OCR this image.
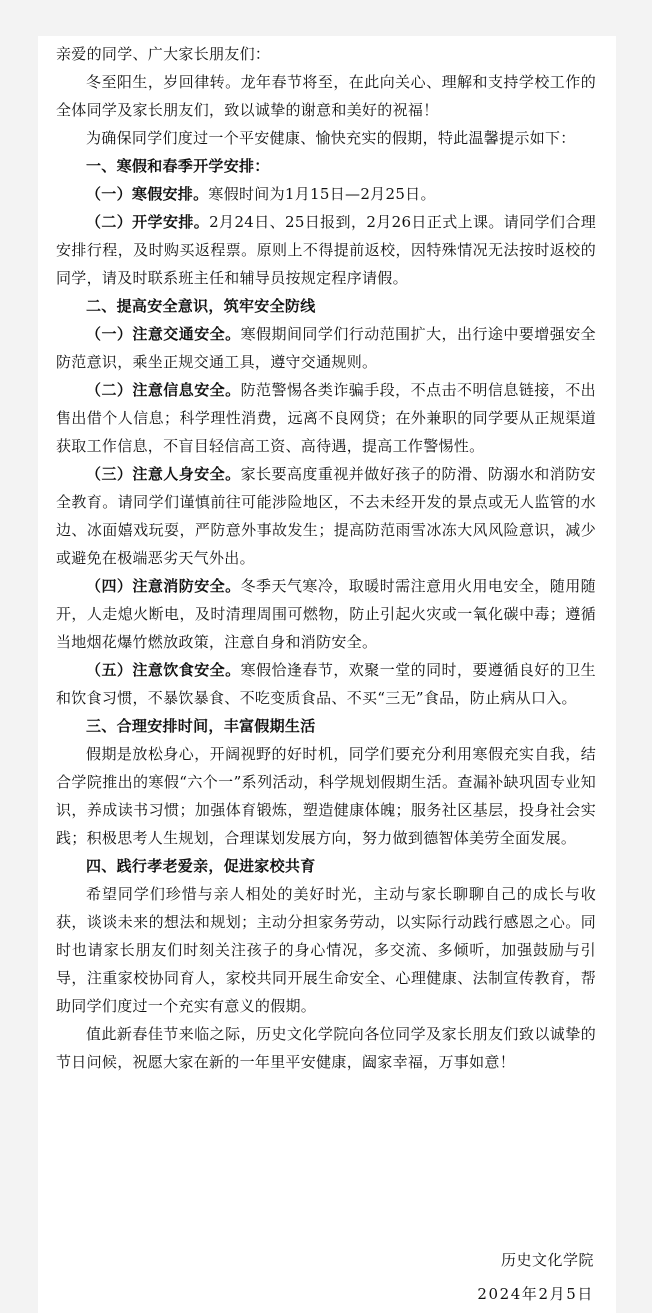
亲爱的同学、广大家长朋友们：

冬至阳生，岁回律转。龙年春节将至，在此向关心、理解和支持学校工作的全体同学及家长朋友们，致以诚挚的谢意和美好的祝福！

为确保同学们度过一个平安健康、愉快充实的假期，特此温馨提示如下：

一、寒假和春季开学安排：

（一）寒假安排。寒假时间为1月15日—2月25日。

（二）开学安排。2月24日、25日报到，2月26日正式上课。请同学们合理安排行程，及时购买返程票。原则上不得提前返校，因特殊情况无法按时返校的同学，请及时联系班主任和辅导员按规定程序请假。

二、提高安全意识，筑牢安全防线

（一）注意交通安全。寒假期间同学们行动范围扩大，出行途中要增强安全防范意识，乘坐正规交通工具，遵守交通规则。

（二）注意信息安全。防范警惕各类诈骗手段，不点击不明信息链接，不出售出借个人信息；科学理性消费，远离不良网贷；在外兼职的同学要从正规渠道获取工作信息，不盲目轻信高工资、高待遇，提高工作警惕性。

（三）注意人身安全。家长要高度重视并做好孩子的防滑、防溺水和消防安全教育。请同学们谨慎前往可能涉险地区，不去未经开发的景点或无人监管的水边、冰面嬉戏玩耍，严防意外事故发生；提高防范雨雪冰冻大风风险意识，减少或避免在极端恶劣天气外出。

（四）注意消防安全。冬季天气寒冷，取暖时需注意用火用电安全，随用随开，人走熄火断电，及时清理周围可燃物，防止引起火灾或一氧化碳中毒；遵循当地烟花爆竹燃放政策，注意自身和消防安全。

（五）注意饮食安全。寒假恰逢春节，欢聚一堂的同时，要遵循良好的卫生和饮食习惯，不暴饮暴食、不吃变质食品、不买“三无”食品，防止病从口入。

三、合理安排时间，丰富假期生活

假期是放松身心，开阔视野的好时机，同学们要充分利用寒假充实自我，结合学院推出的寒假“六个一”系列活动，科学规划假期生活。查漏补缺巩固专业知识，养成读书习惯；加强体育锻炼，塑造健康体魄；服务社区基层，投身社会实践；积极思考人生规划，合理谋划发展方向，努力做到德智体美劳全面发展。

四、践行孝老爱亲，促进家校共育

希望同学们珍惜与亲人相处的美好时光，主动与家长聊聊自己的成长与收获，谈谈未来的想法和规划；主动分担家务劳动，以实际行动践行感恩之心。同时也请家长朋友们时刻关注孩子的身心情况，多交流、多倾听，加强鼓励与引导，注重家校协同育人，家校共同开展生命安全、心理健康、法制宣传教育，帮助同学们度过一个充实有意义的假期。

值此新春佳节来临之际，历史文化学院向各位同学及家长朋友们致以诚挚的节日问候，祝愿大家在新的一年里平安健康，阖家幸福，万事如意！

历史文化学院
2024年2月5日
